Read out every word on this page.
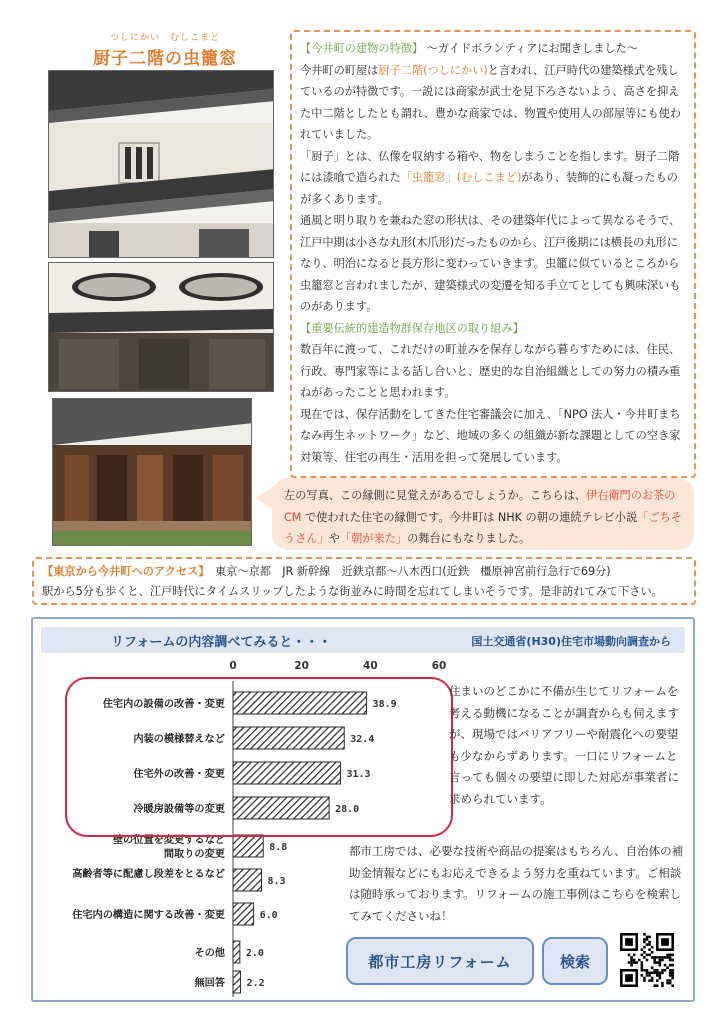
つしにかい　むしこまど
厨子二階の虫籠窓

【今井町の建物の特徴】 ～ガイドボランティアにお聞きしました～

今井町の町屋は厨子二階(つしにかい)と言われ、江戸時代の建築様式を残しているのが特徴です。一説には商家が武士を見下ろさないよう、高さを抑えた中二階としたとも謂れ、豊かな商家では、物置や使用人の部屋等にも使われていました。

「厨子」とは、仏像を収納する箱や、物をしまうことを指します。厨子二階には漆喰で造られた「虫籠窓」(むしこまど)があり、装飾的にも凝ったものが多くあります。

通風と明り取りを兼ねた窓の形状は、その建築年代によって異なるそうで、江戸中期は小さな丸形(木爪形)だったものから、江戸後期には横長の丸形になり、明治になると長方形に変わっていきます。虫籠に似ているところから虫籠窓と言われましたが、建築様式の変遷を知る手立てとしても興味深いものがあります。

【重要伝統的建造物群保存地区の取り組み】

数百年に渡って、これだけの町並みを保存しながら暮らすためには、住民、行政、専門家等による話し合いと、歴史的な自治組織としての努力の積み重ねがあったことと思われます。

現在では、保存活動をしてきた住宅審議会に加え、「NPO 法人・今井町まちなみ再生ネットワーク」など、地域の多くの組織が新な課題としての空き家対策等、住宅の再生・活用を担って発展しています。

左の写真、この縁側に見覚えがあるでしょうか。こちらは、伊右衛門のお茶の CM で使われた住宅の縁側です。今井町は NHK の朝の連続テレビ小説「ごちそうさん」や「朝が来た」の舞台にもなりました。
【東京から今井町へのアクセス】　東京～京都　JR 新幹線　近鉄京都～八木西口(近鉄　橿原神宮前行急行で69分)
駅から5分も歩くと、江戸時代にタイムスリップしたような街並みに時間を忘れてしまいそうです。是非訪れてみて下さい。
リフォームの内容調べてみると・・・	国土交通省(H30)住宅市場動向調査から
0	20	40	60
38.9
住宅内の設備の改善・変更
32.4
内装の模様替えなど
31.3
住宅外の改善・変更
28.0
冷暖房設備等の変更
8.8
壁の位置を変更するなど間取りの変更
8.3
高齢者等に配慮し段差をとるなど
6.0
住宅内の構造に関する改善・変更
2.0
その他
2.2
無回答
住まいのどこかに不備が生じてリフォームを考える動機になることが調査からも伺えますが、現場ではバリアフリーや耐震化への要望も少なからずあります。一口にリフォームと言っても個々の要望に即した対応が事業者に求められています。
都市工房では、必要な技術や商品の提案はもちろん、自治体の補助金情報などにもお応えできるよう努力を重ねています。ご相談は随時承っております。リフォームの施工事例はこちらを検索してみてくださいね！
都市工房リフォーム	検索
